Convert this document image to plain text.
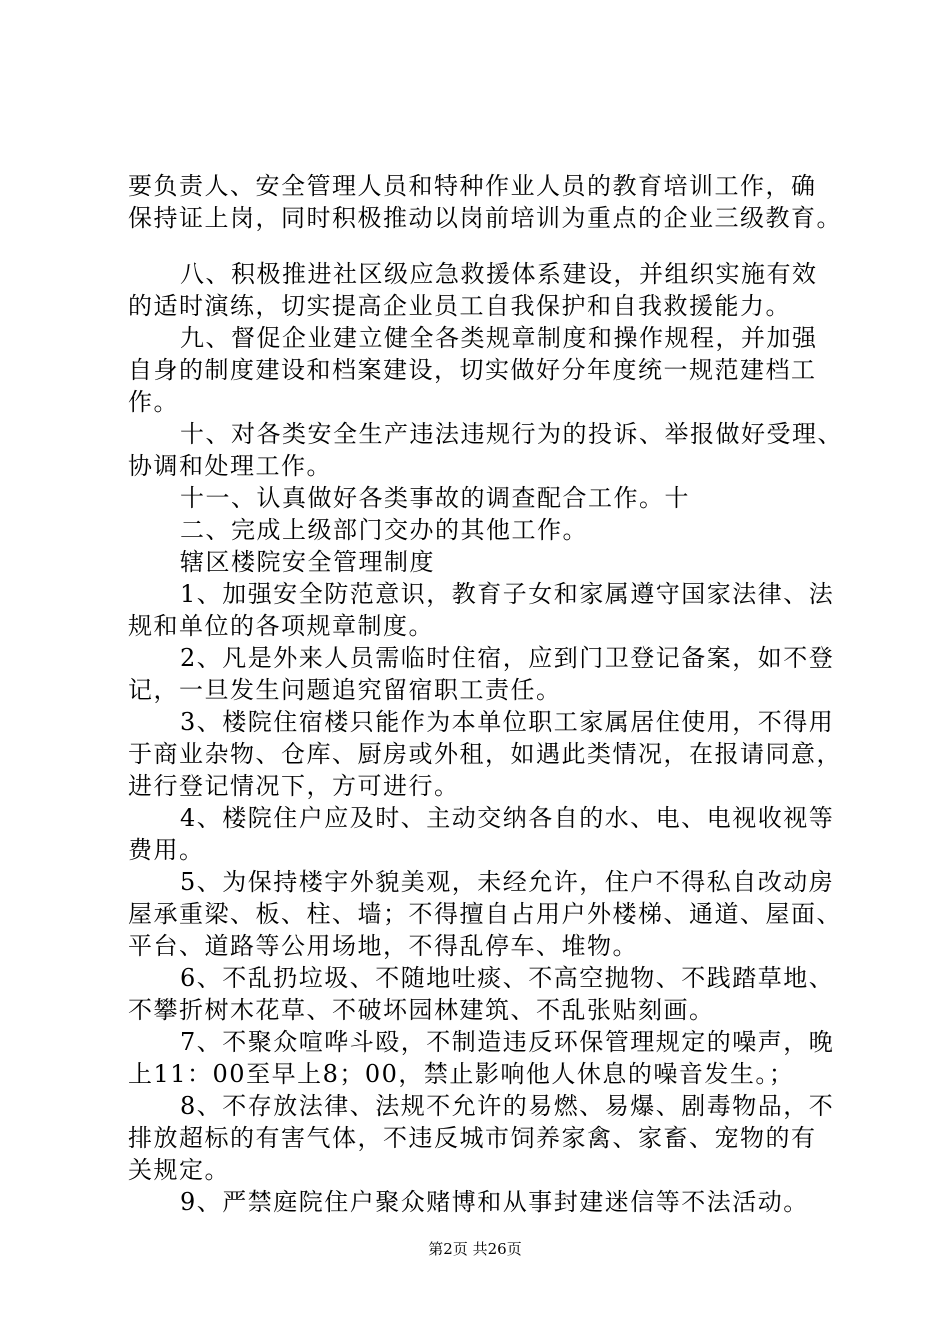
要负责人、安全管理人员和特种作业人员的教育培训工作，确
保持证上岗，同时积极推动以岗前培训为重点的企业三级教育。
八、积极推进社区级应急救援体系建设，并组织实施有效
的适时演练，切实提高企业员工自我保护和自我救援能力。
九、督促企业建立健全各类规章制度和操作规程，并加强
自身的制度建设和档案建设，切实做好分年度统一规范建档工
作。
十、对各类安全生产违法违规行为的投诉、举报做好受理、
协调和处理工作。
十一、认真做好各类事故的调查配合工作。十
二、完成上级部门交办的其他工作。
辖区楼院安全管理制度
1、加强安全防范意识，教育子女和家属遵守国家法律、法
规和单位的各项规章制度。
2、凡是外来人员需临时住宿，应到门卫登记备案，如不登
记，一旦发生问题追究留宿职工责任。
3、楼院住宿楼只能作为本单位职工家属居住使用，不得用
于商业杂物、仓库、厨房或外租，如遇此类情况，在报请同意，
进行登记情况下，方可进行。
4、楼院住户应及时、主动交纳各自的水、电、电视收视等
费用。
5、为保持楼宇外貌美观，未经允许，住户不得私自改动房
屋承重梁、板、柱、墙；不得擅自占用户外楼梯、通道、屋面、
平台、道路等公用场地，不得乱停车、堆物。
6、不乱扔垃圾、不随地吐痰、不高空抛物、不践踏草地、
不攀折树木花草、不破坏园林建筑、不乱张贴刻画。
7、不聚众喧哗斗殴，不制造违反环保管理规定的噪声，晚
上11：00至早上8；00，禁止影响他人休息的噪音发生。；
8、不存放法律、法规不允许的易燃、易爆、剧毒物品，不
排放超标的有害气体，不违反城市饲养家禽、家畜、宠物的有
关规定。
9、严禁庭院住户聚众赌博和从事封建迷信等不法活动。
第2页 共26页
